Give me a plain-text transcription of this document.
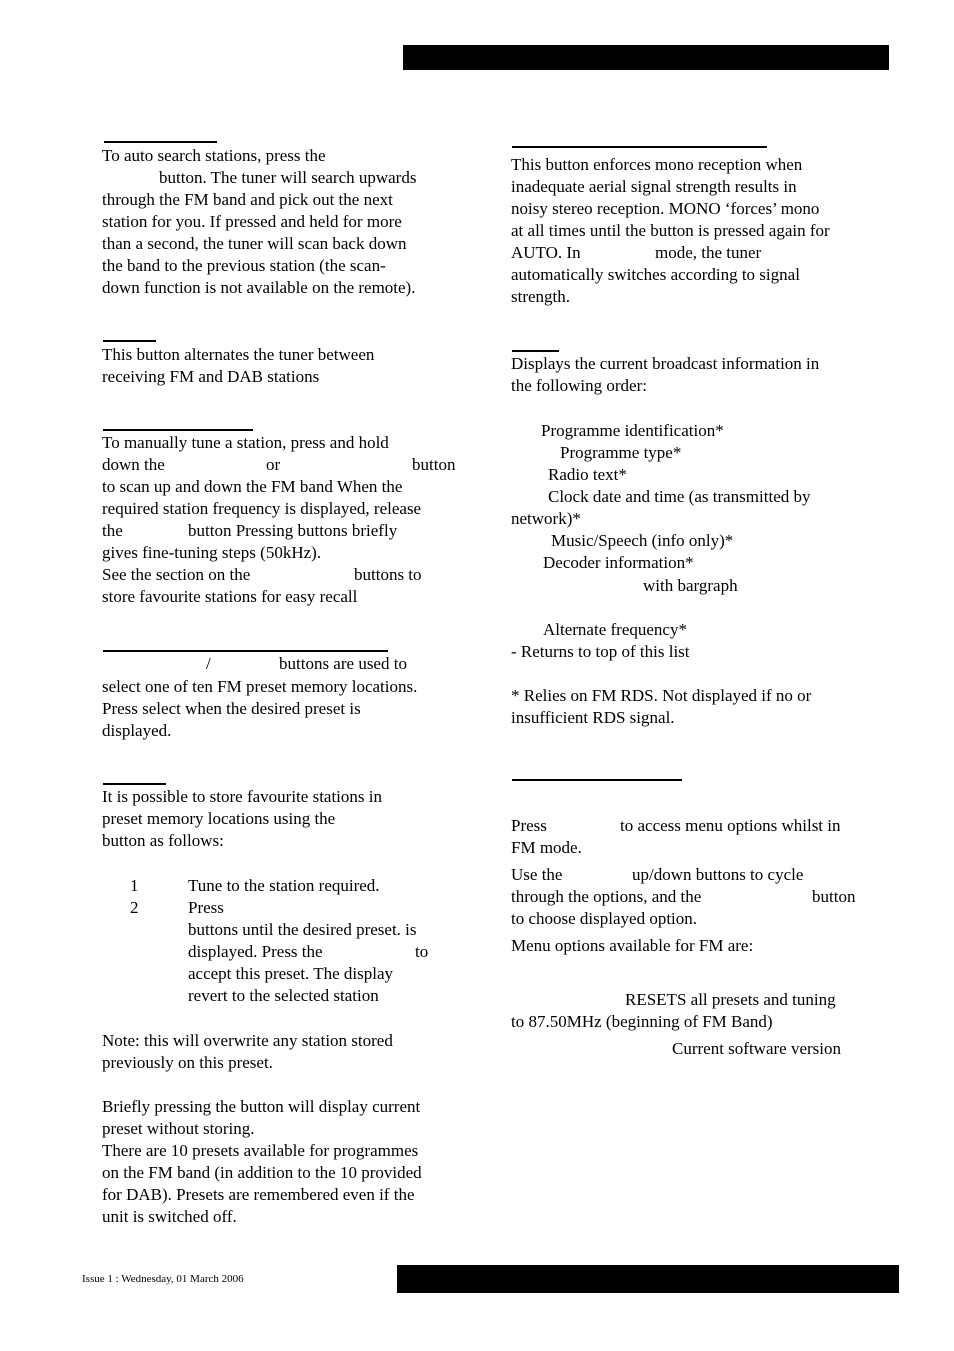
To auto search stations, press the
button. The tuner will search upwards
through the FM band and pick out the next
station for you. If pressed and held for more
than a second, the tuner will scan back down
the band to the previous station (the scan-
down function is not available on the remote).
This button alternates the tuner between
receiving FM and DAB stations
To manually tune a station, press and hold
down the	or	button
to scan up and down the FM band When the
required station frequency is displayed, release
the	button Pressing buttons briefly
gives fine-tuning steps (50kHz).
See the section on the	buttons to
store favourite stations for easy recall
/	buttons are used to
select one of ten FM preset memory locations.
Press select when the desired preset is
displayed.
It is possible to store favourite stations in
preset memory locations using the
button as follows:
1	Tune to the station required.
2	Press
buttons until the desired preset. is
displayed. Press the	to
accept this preset. The display
revert to the selected station
Note: this will overwrite any station stored
previously on this preset.
Briefly pressing the button will display current
preset without storing.
There are 10 presets available for programmes
on the FM band (in addition to the 10 provided
for DAB). Presets are remembered even if the
unit is switched off.
This button enforces mono reception when
inadequate aerial signal strength results in
noisy stereo reception. MONO ‘forces’ mono
at all times until the button is pressed again for
AUTO. In	mode, the tuner
automatically switches according to signal
strength.
Displays the current broadcast information in
the following order:
Programme identification*
Programme type*
Radio text*
Clock date and time (as transmitted by
network)*
Music/Speech (info only)*
Decoder information*
with bargraph
Alternate frequency*
- Returns to top of this list
* Relies on FM RDS. Not displayed if no or
insufficient RDS signal.
Press	to access menu options whilst in
FM mode.
Use the	up/down buttons to cycle
through the options, and the	button
to choose displayed option.
Menu options available for FM are:
RESETS all presets and tuning
to 87.50MHz (beginning of FM Band)
Current software version
Issue 1 : Wednesday, 01 March 2006
